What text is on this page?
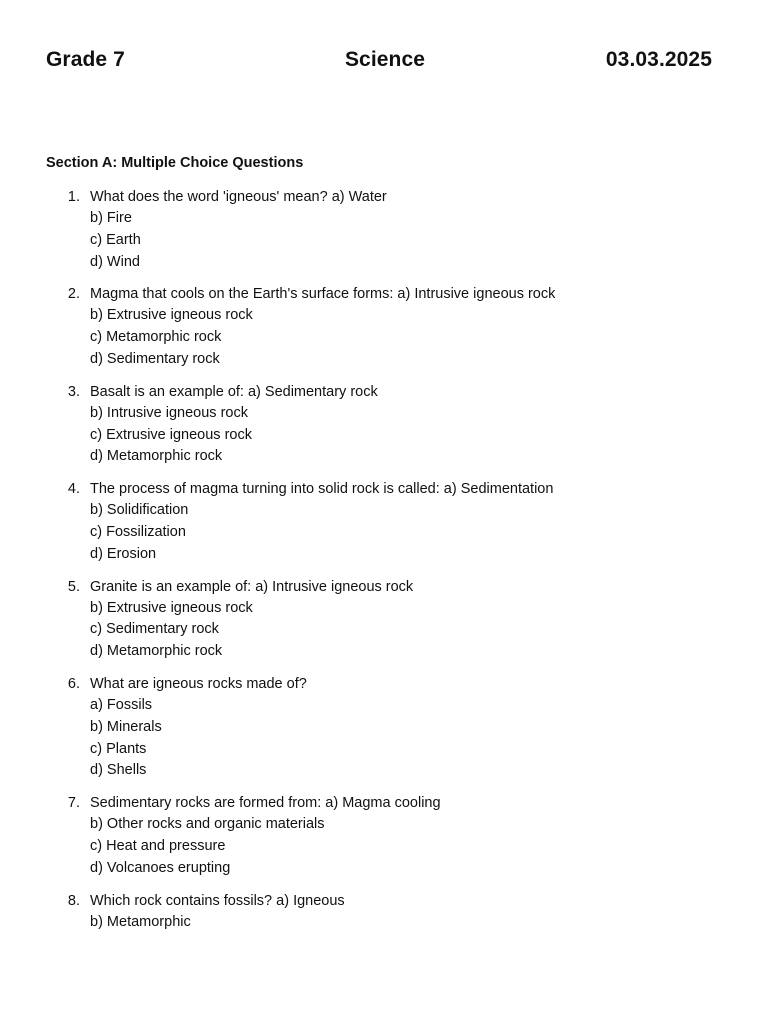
Grade 7	Science	03.03.2025
Section A: Multiple Choice Questions
1. What does the word 'igneous' mean? a) Water
b) Fire
c) Earth
d) Wind
2. Magma that cools on the Earth's surface forms: a) Intrusive igneous rock
b) Extrusive igneous rock
c) Metamorphic rock
d) Sedimentary rock
3. Basalt is an example of: a) Sedimentary rock
b) Intrusive igneous rock
c) Extrusive igneous rock
d) Metamorphic rock
4. The process of magma turning into solid rock is called: a) Sedimentation
b) Solidification
c) Fossilization
d) Erosion
5. Granite is an example of: a) Intrusive igneous rock
b) Extrusive igneous rock
c) Sedimentary rock
d) Metamorphic rock
6. What are igneous rocks made of?
a) Fossils
b) Minerals
c) Plants
d) Shells
7. Sedimentary rocks are formed from: a) Magma cooling
b) Other rocks and organic materials
c) Heat and pressure
d) Volcanoes erupting
8. Which rock contains fossils? a) Igneous
b) Metamorphic
